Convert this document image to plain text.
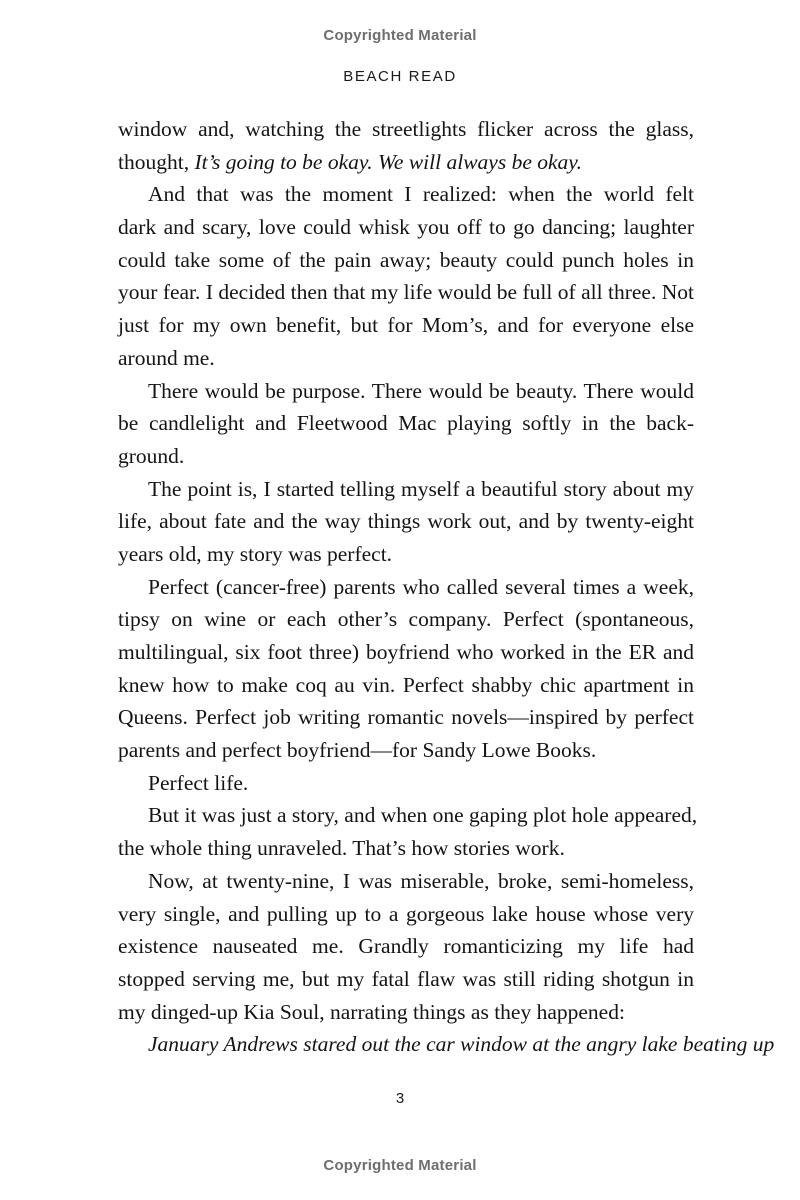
Copyrighted Material
BEACH READ
window and, watching the streetlights flicker across the glass,
thought, It’s going to be okay. We will always be okay.
And that was the moment I realized: when the world felt
dark and scary, love could whisk you off to go dancing; laughter
could take some of the pain away; beauty could punch holes in
your fear. I decided then that my life would be full of all three. Not
just for my own benefit, but for Mom’s, and for everyone else
around me.
There would be purpose. There would be beauty. There would
be candlelight and Fleetwood Mac playing softly in the back-
ground.
The point is, I started telling myself a beautiful story about my
life, about fate and the way things work out, and by twenty-eight
years old, my story was perfect.
Perfect (cancer-free) parents who called several times a week,
tipsy on wine or each other’s company. Perfect (spontaneous,
multilingual, six foot three) boyfriend who worked in the ER and
knew how to make coq au vin. Perfect shabby chic apartment in
Queens. Perfect job writing romantic novels—inspired by perfect
parents and perfect boyfriend—for Sandy Lowe Books.
Perfect life.
But it was just a story, and when one gaping plot hole appeared,
the whole thing unraveled. That’s how stories work.
Now, at twenty-nine, I was miserable, broke, semi-homeless,
very single, and pulling up to a gorgeous lake house whose very
existence nauseated me. Grandly romanticizing my life had
stopped serving me, but my fatal flaw was still riding shotgun in
my dinged-up Kia Soul, narrating things as they happened:
January Andrews stared out the car window at the angry lake beating up
3
Copyrighted Material
